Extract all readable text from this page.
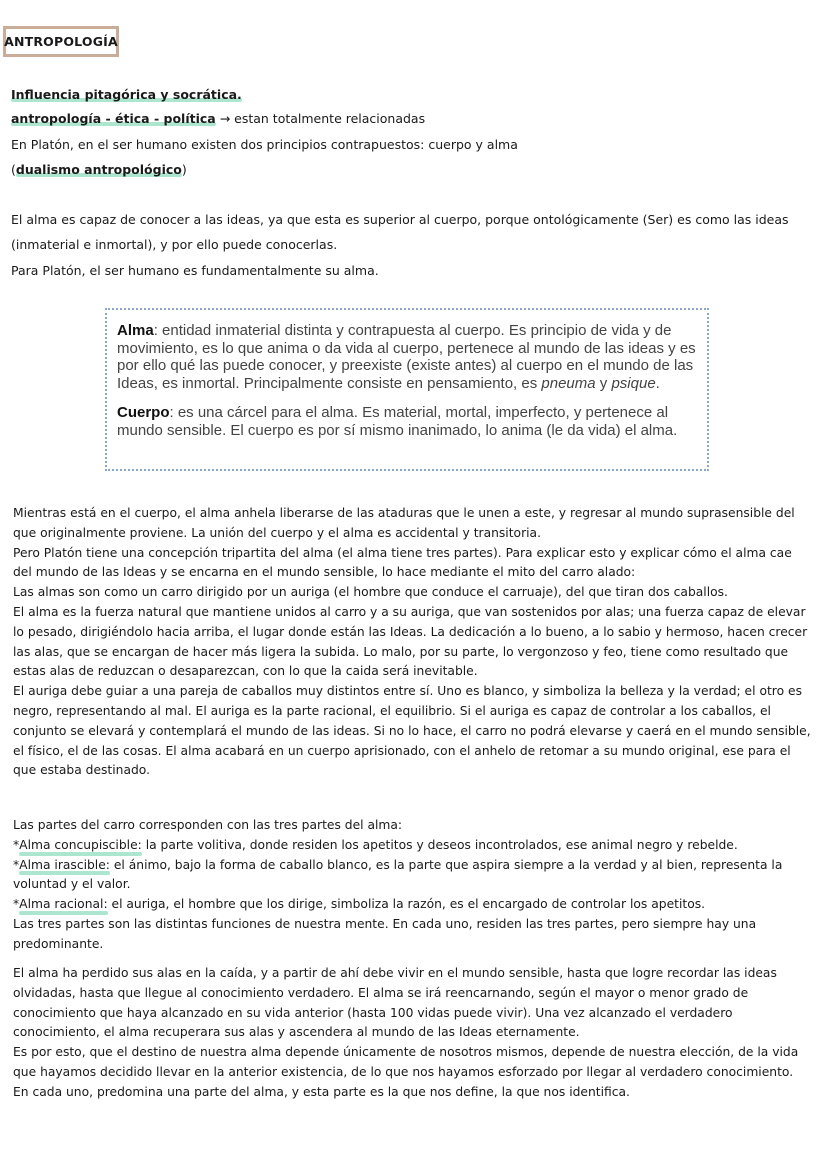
ANTROPOLOGÍA
Influencia pitagórica y socrática.
antropología - ética - política → estan totalmente relacionadas
En Platón, en el ser humano existen dos principios contrapuestos: cuerpo y alma
(dualismo antropológico)
El alma es capaz de conocer a las ideas, ya que esta es superior al cuerpo, porque ontológicamente (Ser) es como las ideas
(inmaterial e inmortal), y por ello puede conocerlas.
Para Platón, el ser humano es fundamentalmente su alma.

Alma: entidad inmaterial distinta y contrapuesta al cuerpo. Es principio de vida y de movimiento, es lo que anima o da vida al cuerpo, pertenece al mundo de las ideas y es por ello qué las puede conocer, y preexiste (existe antes) al cuerpo en el mundo de las Ideas, es inmortal. Principalmente consiste en pensamiento, es pneuma y psique.

Cuerpo: es una cárcel para el alma. Es material, mortal, imperfecto, y pertenece al mundo sensible. El cuerpo es por sí mismo inanimado, lo anima (le da vida) el alma.

Mientras está en el cuerpo, el alma anhela liberarse de las ataduras que le unen a este, y regresar al mundo suprasensible del que originalmente proviene. La unión del cuerpo y el alma es accidental y transitoria.

Pero Platón tiene una concepción tripartita del alma (el alma tiene tres partes). Para explicar esto y explicar cómo el alma cae del mundo de las Ideas y se encarna en el mundo sensible, lo hace mediante el mito del carro alado:

Las almas son como un carro dirigido por un auriga (el hombre que conduce el carruaje), del que tiran dos caballos.

El alma es la fuerza natural que mantiene unidos al carro y a su auriga, que van sostenidos por alas; una fuerza capaz de elevar lo pesado, dirigiéndolo hacia arriba, el lugar donde están las Ideas. La dedicación a lo bueno, a lo sabio y hermoso, hacen crecer las alas, que se encargan de hacer más ligera la subida. Lo malo, por su parte, lo vergonzoso y feo, tiene como resultado que estas alas de reduzcan o desaparezcan, con lo que la caida será inevitable.

El auriga debe guiar a una pareja de caballos muy distintos entre sí. Uno es blanco, y simboliza la belleza y la verdad; el otro es negro, representando al mal. El auriga es la parte racional, el equilibrio. Si el auriga es capaz de controlar a los caballos, el conjunto se elevará y contemplará el mundo de las ideas. Si no lo hace, el carro no podrá elevarse y caerá en el mundo sensible, el físico, el de las cosas. El alma acabará en un cuerpo aprisionado, con el anhelo de retomar a su mundo original, ese para el que estaba destinado.

Las partes del carro corresponden con las tres partes del alma:

*Alma concupiscible: la parte volitiva, donde residen los apetitos y deseos incontrolados, ese animal negro y rebelde.

*Alma irascible: el ánimo, bajo la forma de caballo blanco, es la parte que aspira siempre a la verdad y al bien, representa la voluntad y el valor.

*Alma racional: el auriga, el hombre que los dirige, simboliza la razón, es el encargado de controlar los apetitos.

Las tres partes son las distintas funciones de nuestra mente. En cada uno, residen las tres partes, pero siempre hay una predominante.

El alma ha perdido sus alas en la caída, y a partir de ahí debe vivir en el mundo sensible, hasta que logre recordar las ideas olvidadas, hasta que llegue al conocimiento verdadero. El alma se irá reencarnando, según el mayor o menor grado de conocimiento que haya alcanzado en su vida anterior (hasta 100 vidas puede vivir). Una vez alcanzado el verdadero conocimiento, el alma recuperara sus alas y ascendera al mundo de las Ideas eternamente.

Es por esto, que el destino de nuestra alma depende únicamente de nosotros mismos, depende de nuestra elección, de la vida que hayamos decidido llevar en la anterior existencia, de lo que nos hayamos esforzado por llegar al verdadero conocimiento.

En cada uno, predomina una parte del alma, y esta parte es la que nos define, la que nos identifica.
